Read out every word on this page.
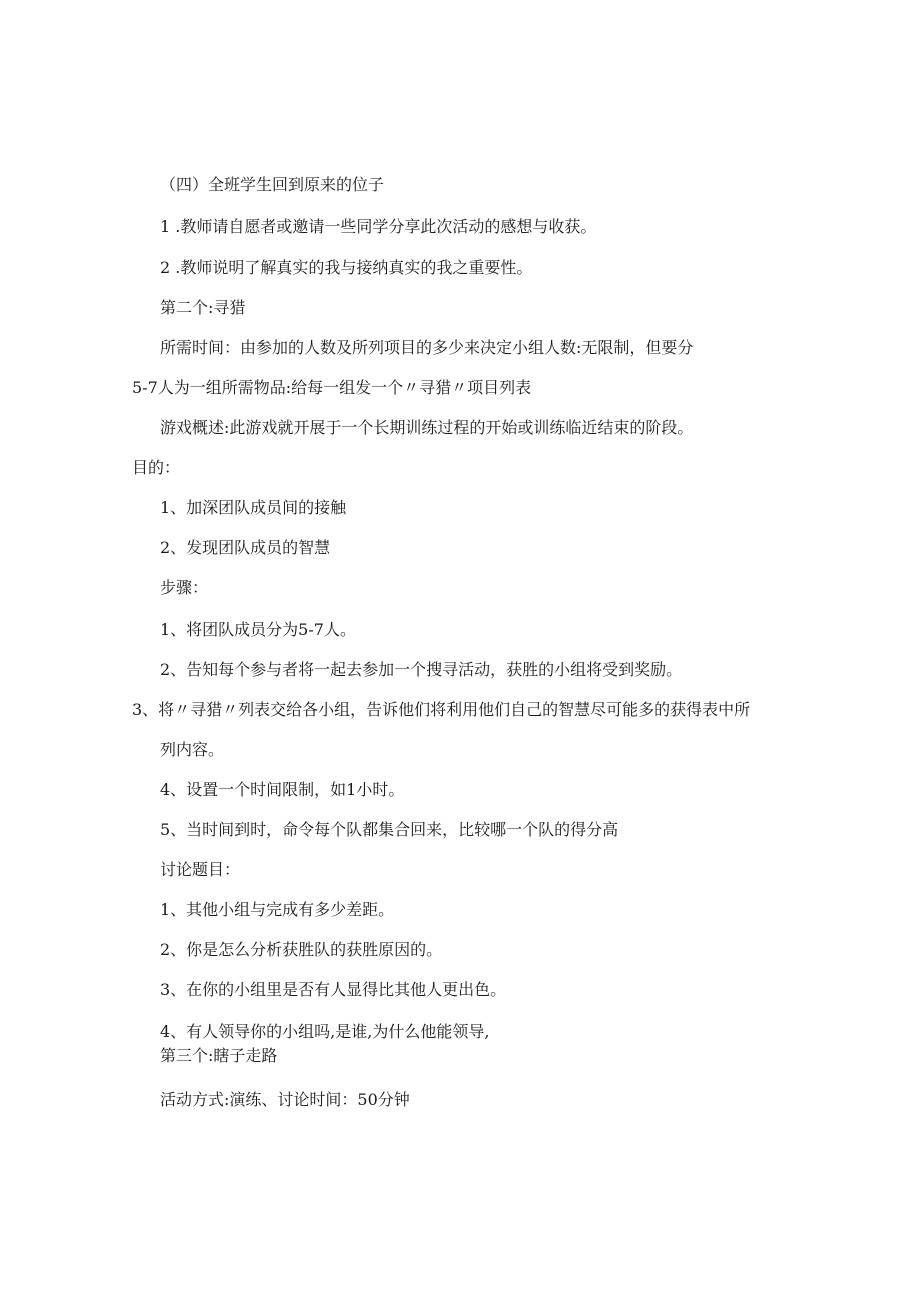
（四）全班学生回到原来的位子
1 .教师请自愿者或邀请一些同学分享此次活动的感想与收获。
2 .教师说明了解真实的我与接纳真实的我之重要性。
第二个:寻猎
所需时间：由参加的人数及所列项目的多少来决定小组人数:无限制，但要分
5-7人为一组所需物品:给每一组发一个〃寻猎〃项目列表
游戏概述:此游戏就开展于一个长期训练过程的开始或训练临近结束的阶段。
目的：
1、加深团队成员间的接触
2、发现团队成员的智慧
步骤：
1、将团队成员分为5-7人。
2、告知每个参与者将一起去参加一个搜寻活动，获胜的小组将受到奖励。
3、将〃寻猎〃列表交给各小组，告诉他们将利用他们自己的智慧尽可能多的获得表中所
列内容。
4、设置一个时间限制，如1小时。
5、当时间到时，命令每个队都集合回来，比较哪一个队的得分高
讨论题目：
1、其他小组与完成有多少差距。
2、你是怎么分析获胜队的获胜原因的。
3、在你的小组里是否有人显得比其他人更出色。
4、有人领导你的小组吗,是谁,为什么他能领导,
第三个:瞎子走路
活动方式:演练、讨论时间：50分钟
